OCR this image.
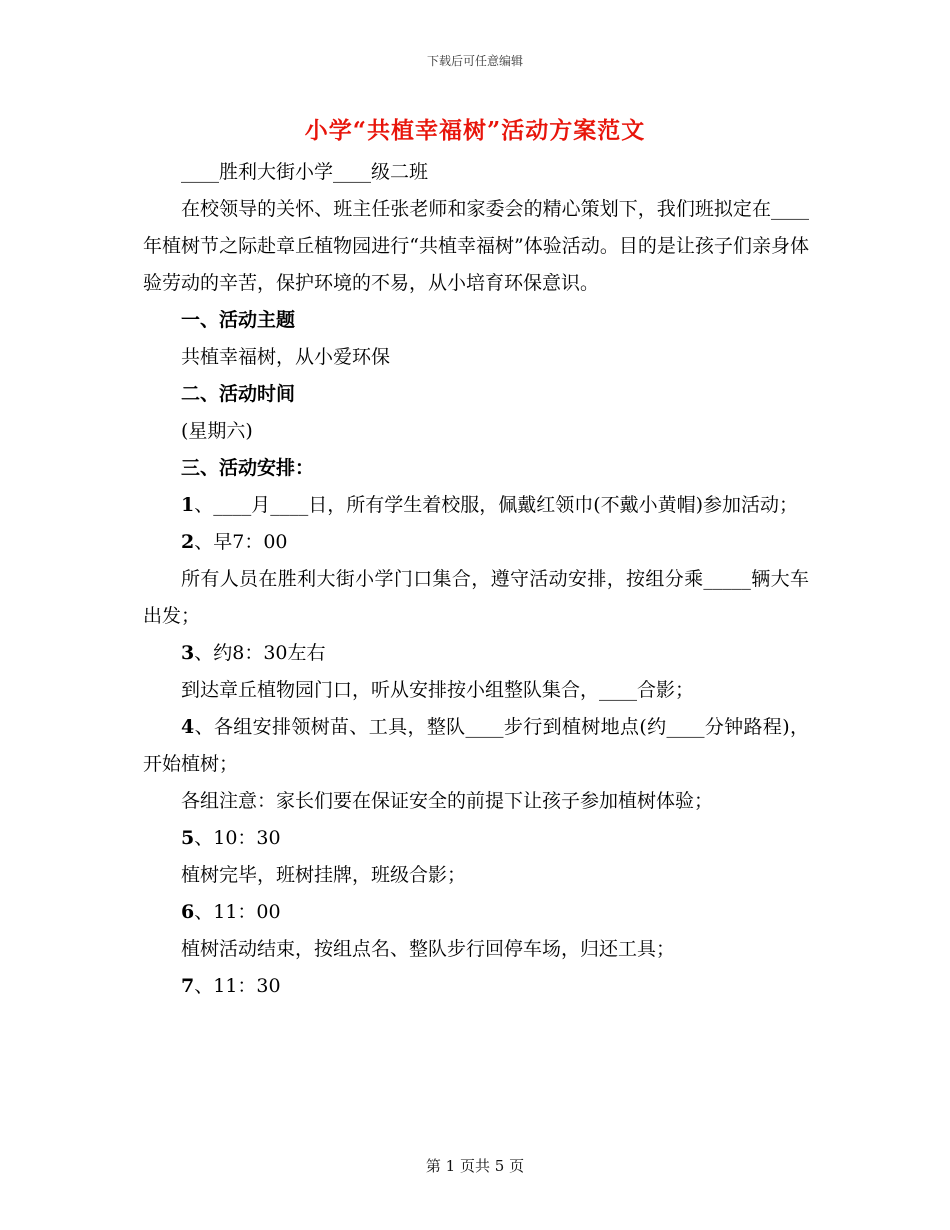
下载后可任意编辑
小学“共植幸福树”活动方案范文

____胜利大街小学____级二班

在校领导的关怀、班主任张老师和家委会的精心策划下，我们班拟定在____年植树节之际赴章丘植物园进行“共植幸福树”体验活动。目的是让孩子们亲身体验劳动的辛苦，保护环境的不易，从小培育环保意识。

一、活动主题

共植幸福树，从小爱环保

二、活动时间

(星期六)

三、活动安排：

1、____月____日，所有学生着校服，佩戴红领巾(不戴小黄帽)参加活动；

2、早7：00

所有人员在胜利大街小学门口集合，遵守活动安排，按组分乘_____辆大车出发；

3、约8：30左右

到达章丘植物园门口，听从安排按小组整队集合，____合影；

4、各组安排领树苗、工具，整队____步行到植树地点(约____分钟路程)，开始植树；

各组注意：家长们要在保证安全的前提下让孩子参加植树体验；

5、10：30

植树完毕，班树挂牌，班级合影；

6、11：00

植树活动结束，按组点名、整队步行回停车场，归还工具；

7、11：30

第 1 页共 5 页
